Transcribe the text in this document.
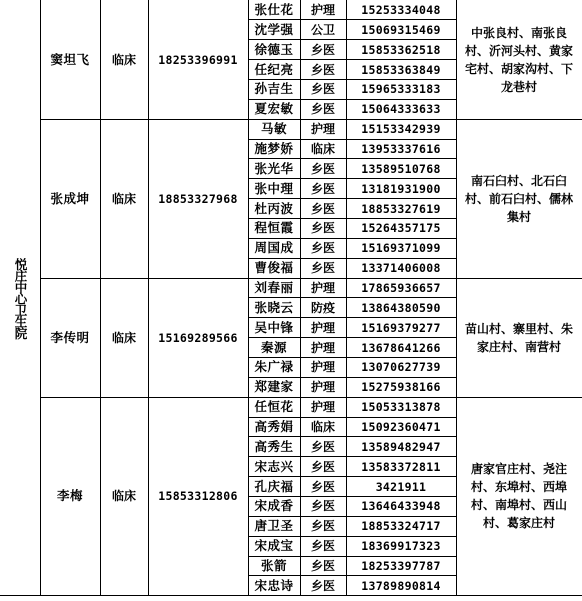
悦庄中心卫生院
窦坦飞	临床	18253396991
中张良村、南张良村、沂河头村、黄家宅村、胡家沟村、下龙巷村
张仕花	护理	15253334048
沈学强	公卫	15069315469
徐德玉	乡医	15853362518
任纪亮	乡医	15853363849
孙吉生	乡医	15965333183
夏宏敏	乡医	15064333633
张成坤	临床	18853327968
南石臼村、北石臼村、前石臼村、儒林集村
马敏	护理	15153342939
施梦娇	临床	13953337616
张光华	乡医	13589510768
张中理	乡医	13181931900
杜丙波	乡医	18853327619
程恒霞	乡医	15264357175
周国成	乡医	15169371099
曹俊福	乡医	13371406008
李传明	临床	15169289566
苗山村、寨里村、朱家庄村、南营村
刘春丽	护理	17865936657
张晓云	防疫	13864380590
吴中锋	护理	15169379277
秦源	护理	13678641266
朱广禄	护理	13070627739
郑建家	护理	15275938166
李梅	临床	15853312806
唐家官庄村、尧注村、东埠村、西埠村、南埠村、西山村、葛家庄村
任恒花	护理	15053313878
高秀娟	临床	15092360471
高秀生	乡医	13589482947
宋志兴	乡医	13583372811
孔庆福	乡医	3421911
宋成香	乡医	13646433948
唐卫圣	乡医	18853324717
宋成宝	乡医	18369917323
张箭	乡医	18253397787
宋忠诗	乡医	13789890814
